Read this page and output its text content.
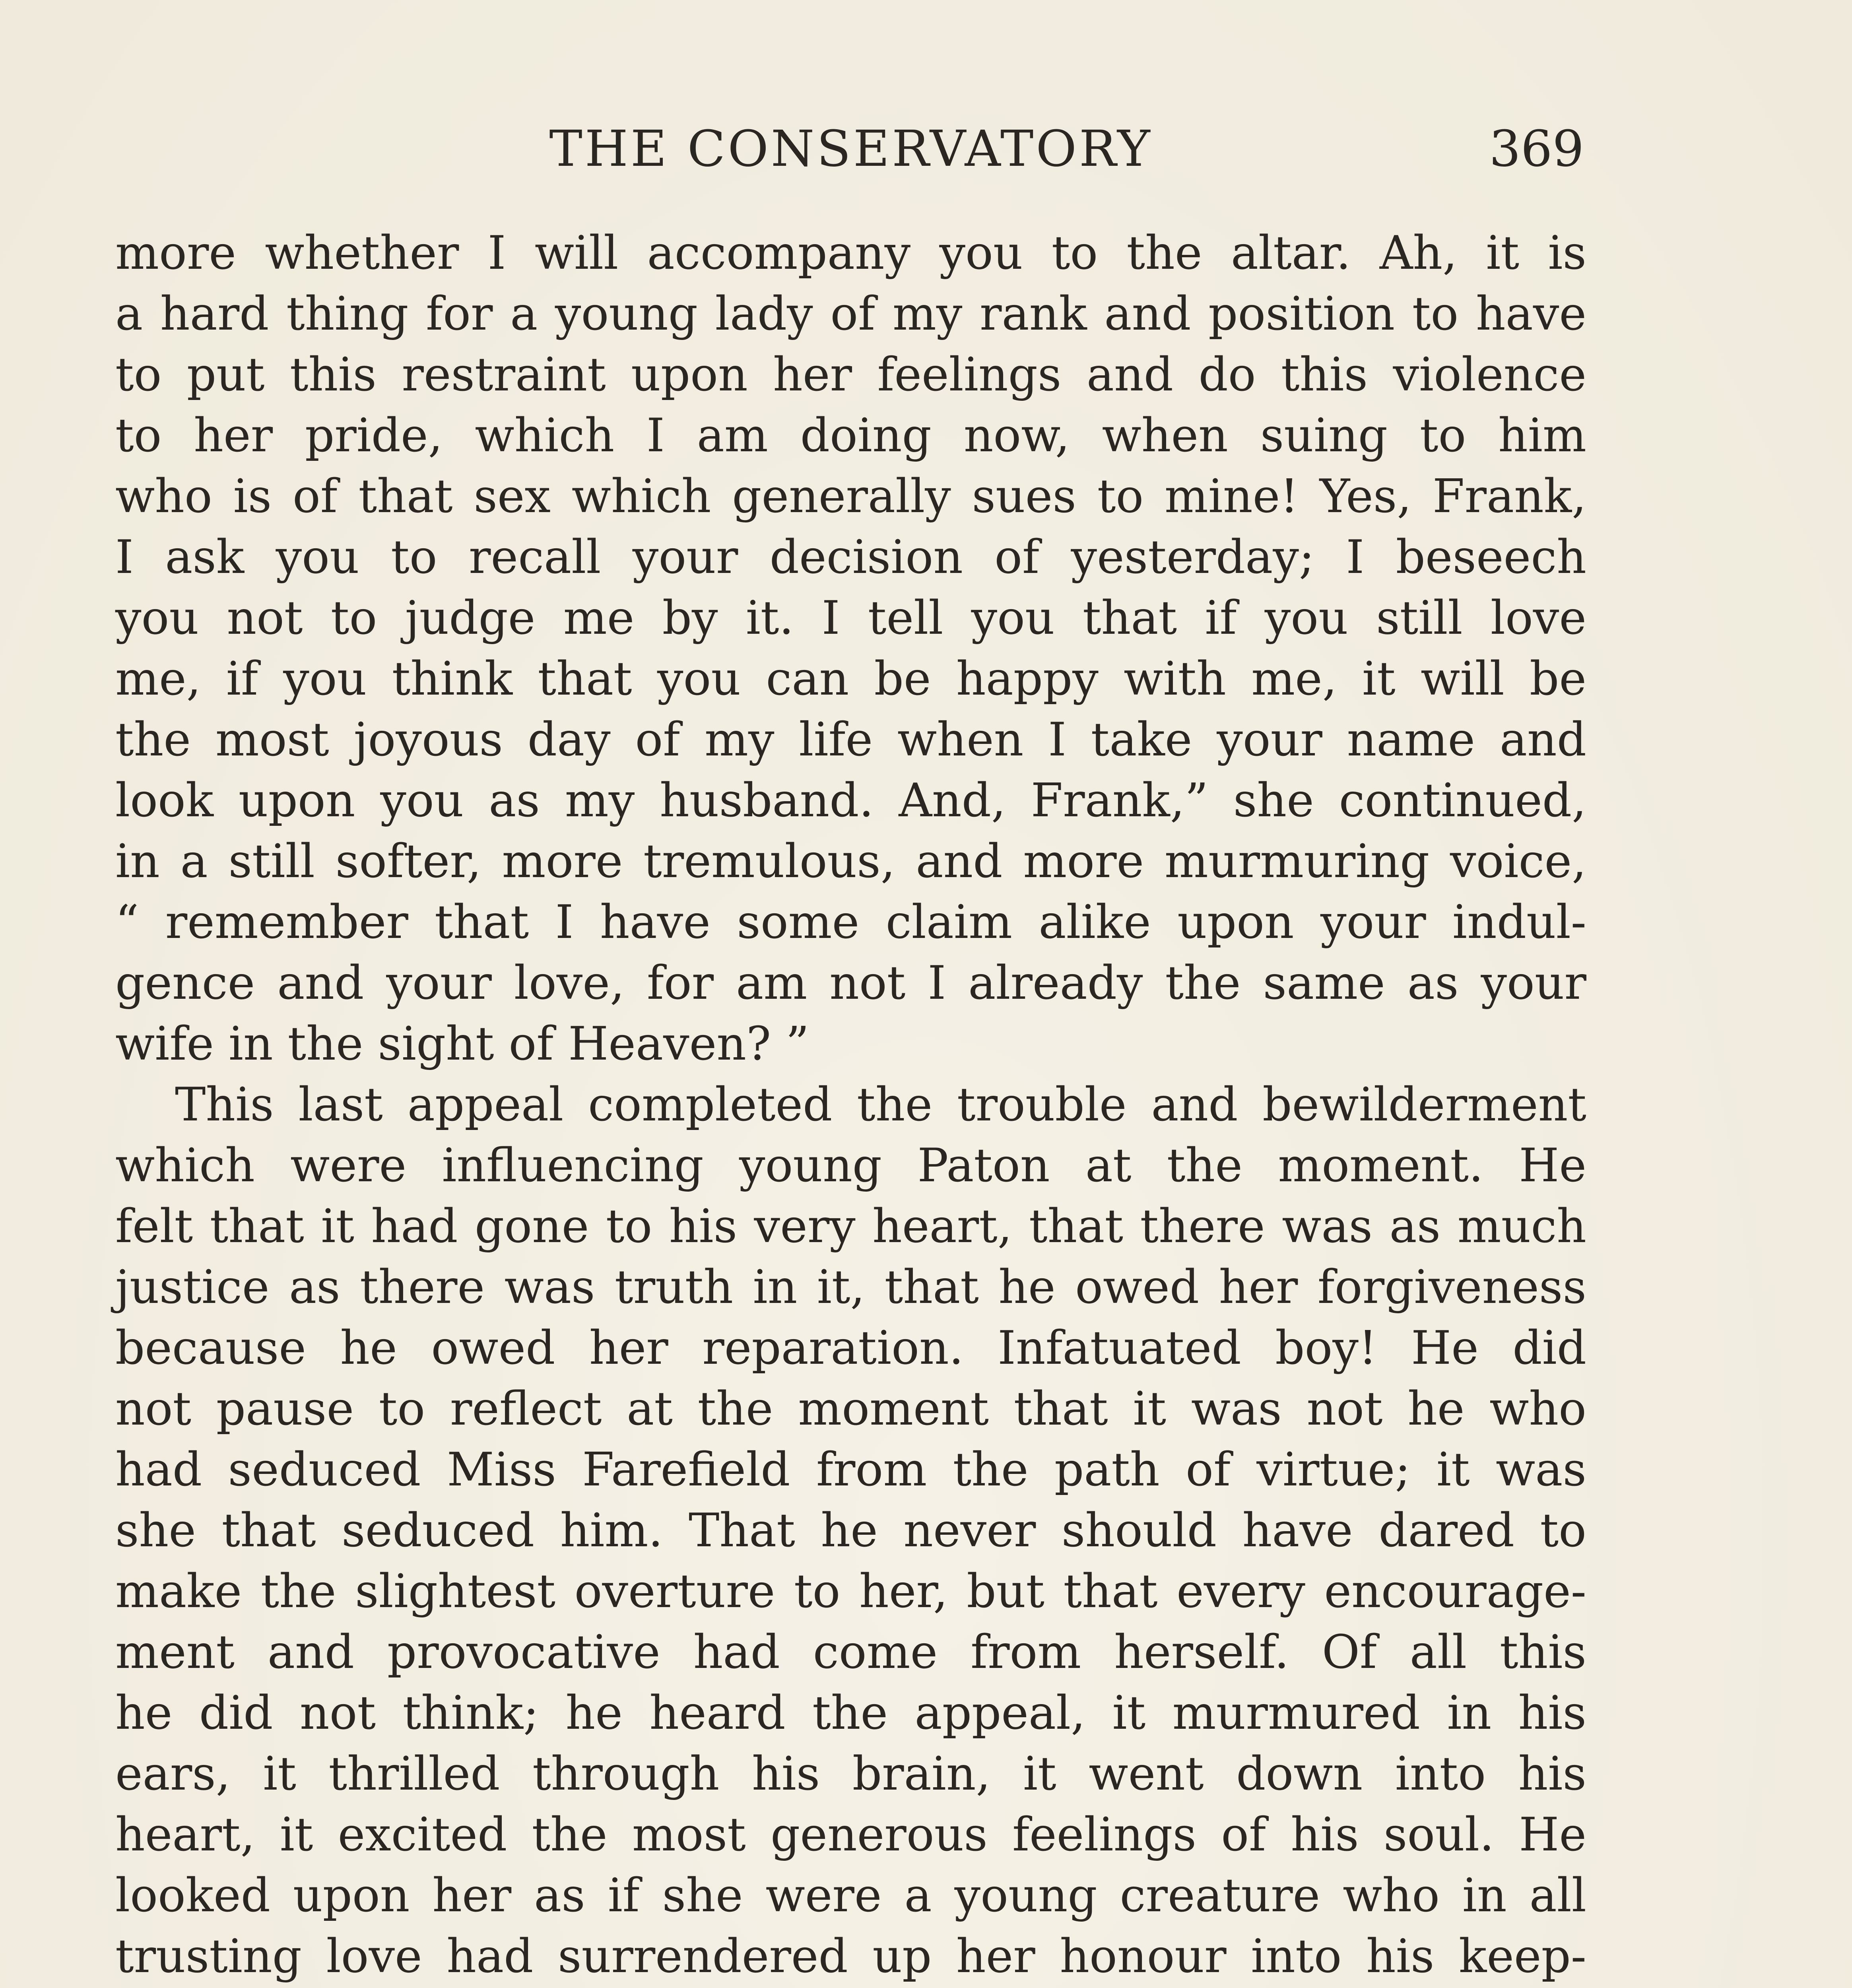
THE CONSERVATORY	369
more whether I will accompany you to the altar. Ah, it is
a hard thing for a young lady of my rank and position to have
to put this restraint upon her feelings and do this violence
to her pride, which I am doing now, when suing to him
who is of that sex which generally sues to mine! Yes, Frank,
I ask you to recall your decision of yesterday; I beseech
you not to judge me by it. I tell you that if you still love
me, if you think that you can be happy with me, it will be
the most joyous day of my life when I take your name and
look upon you as my husband. And, Frank,” she continued,
in a still softer, more tremulous, and more murmuring voice,
“ remember that I have some claim alike upon your indul-
gence and your love, for am not I already the same as your
wife in the sight of Heaven? ”
This last appeal completed the trouble and bewilderment
which were influencing young Paton at the moment. He
felt that it had gone to his very heart, that there was as much
justice as there was truth in it, that he owed her forgiveness
because he owed her reparation. Infatuated boy! He did
not pause to reflect at the moment that it was not he who
had seduced Miss Farefield from the path of virtue; it was
she that seduced him. That he never should have dared to
make the slightest overture to her, but that every encourage-
ment and provocative had come from herself. Of all this
he did not think; he heard the appeal, it murmured in his
ears, it thrilled through his brain, it went down into his
heart, it excited the most generous feelings of his soul. He
looked upon her as if she were a young creature who in all
trusting love had surrendered up her honour into his keep-
